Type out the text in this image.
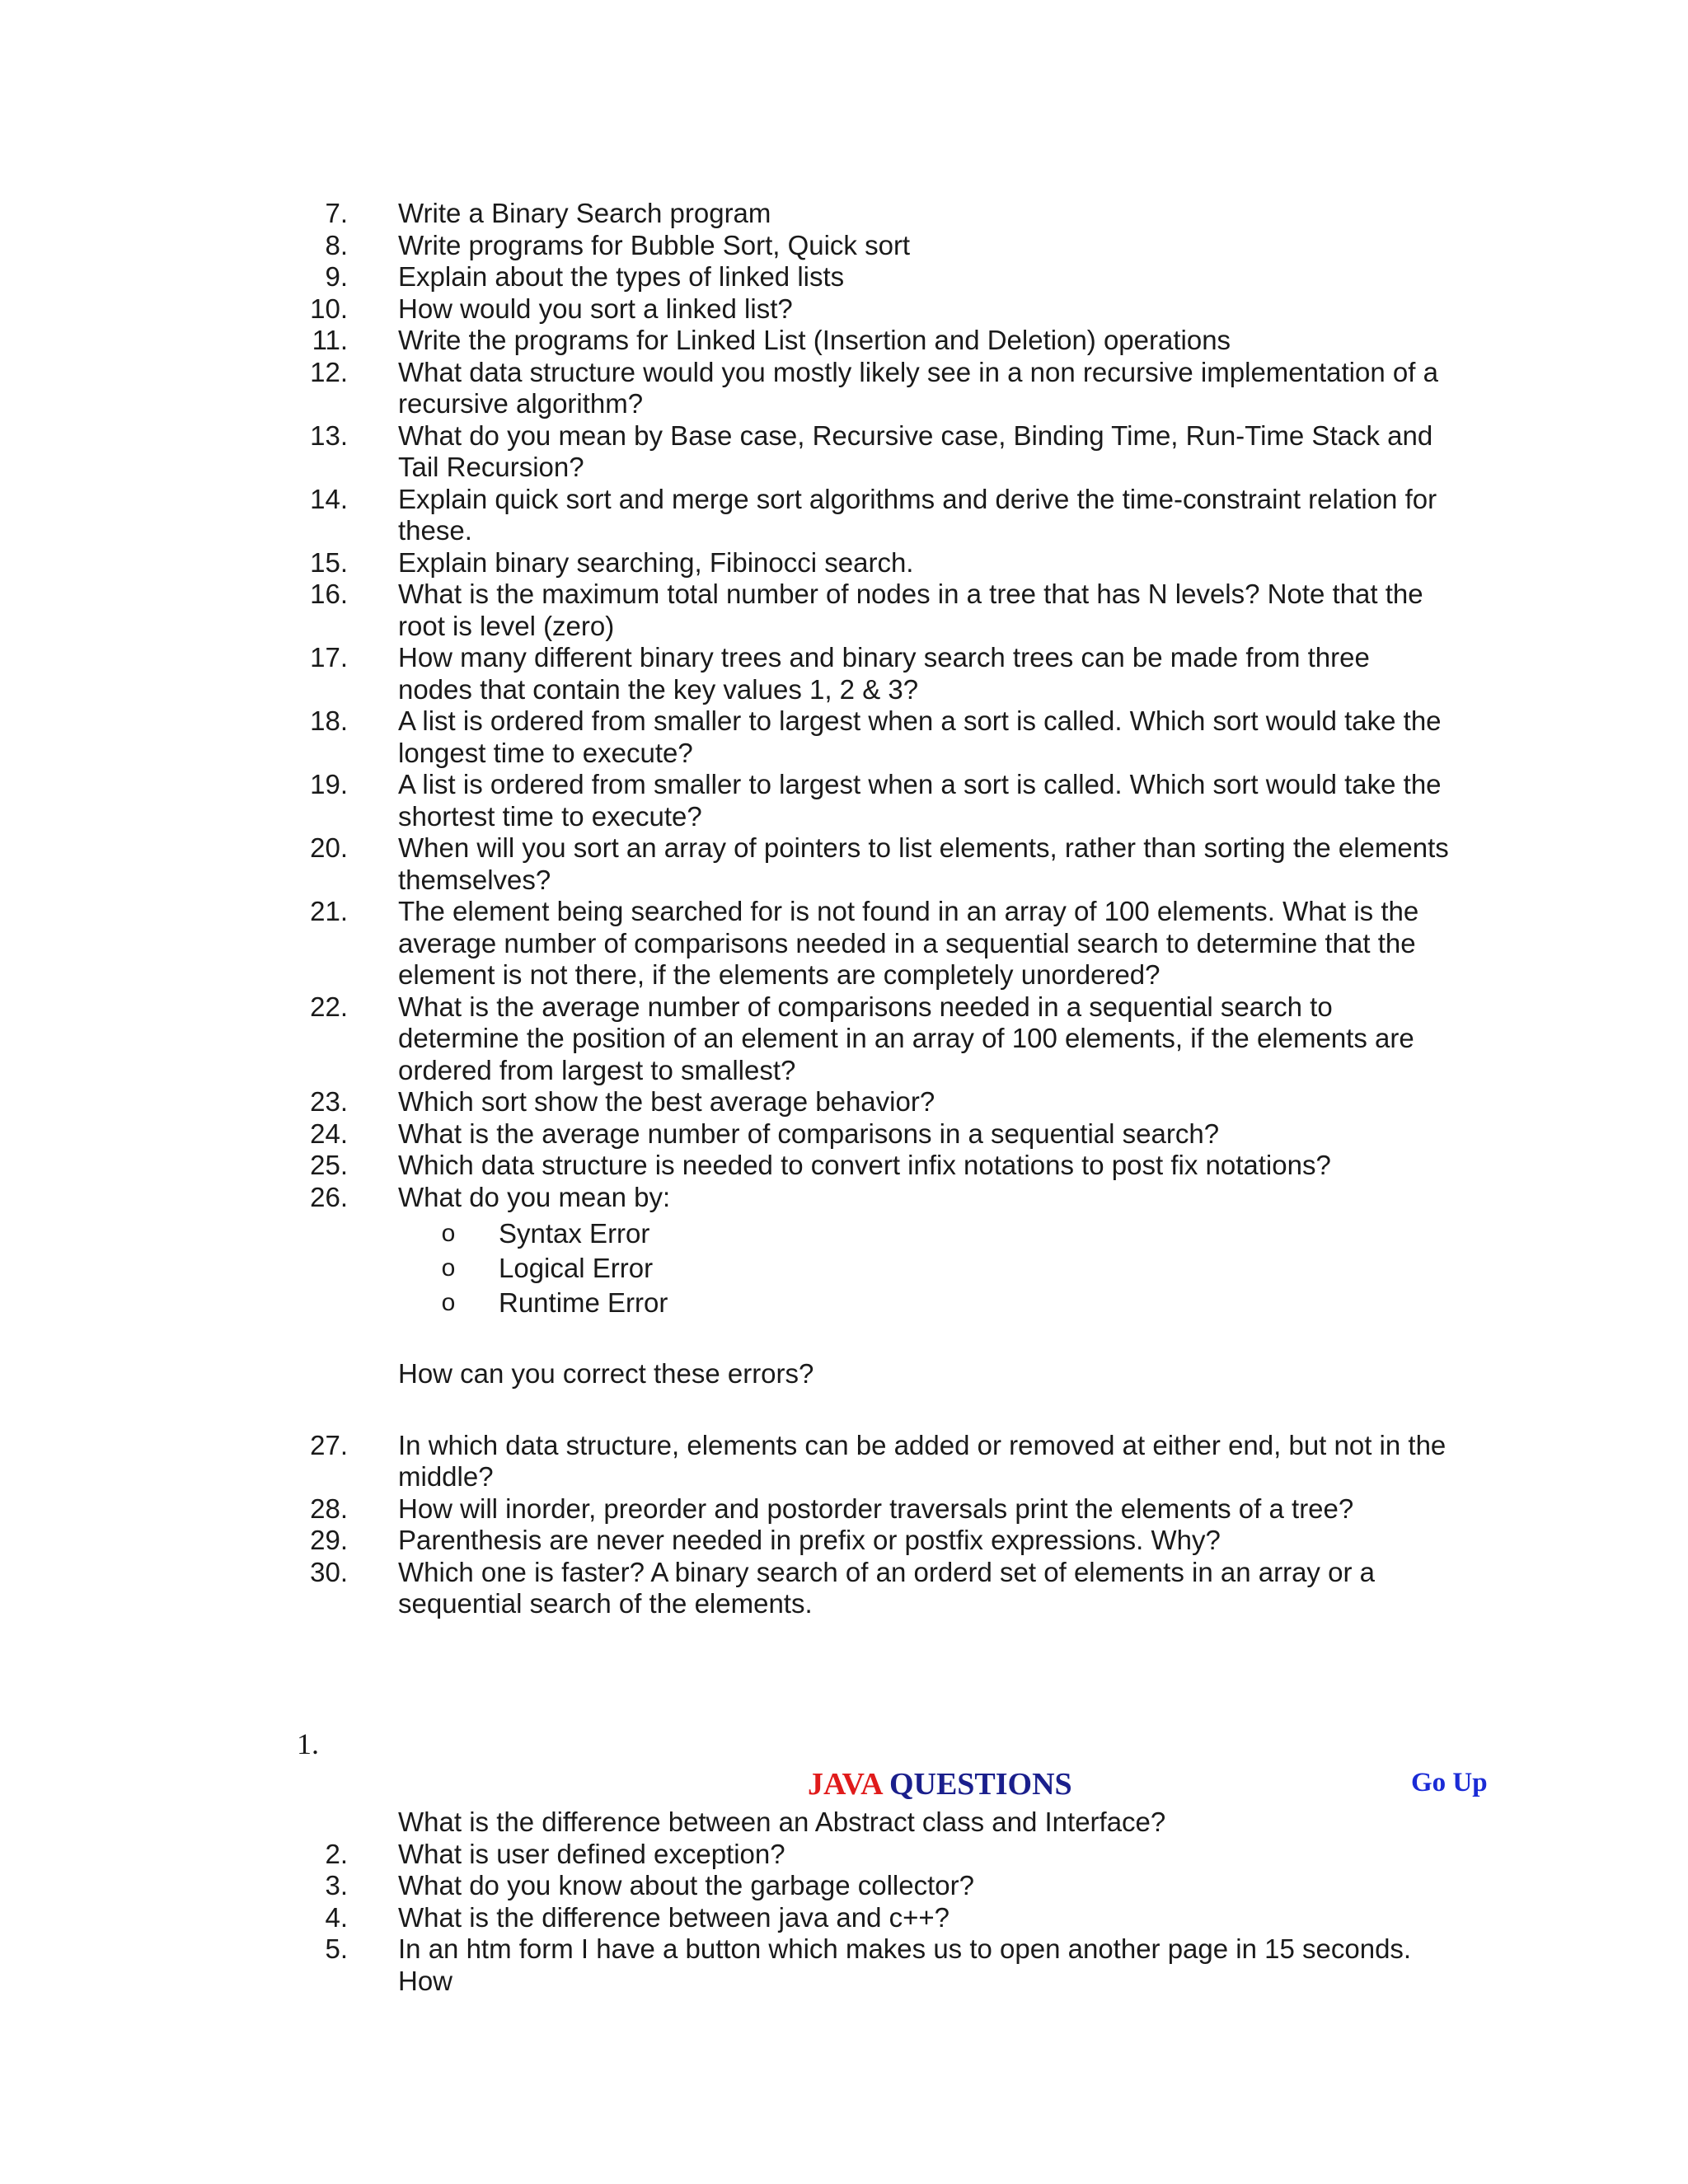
7. Write a Binary Search program
8. Write programs for Bubble Sort, Quick sort
9. Explain about the types of linked lists
10. How would you sort a linked list?
11. Write the programs for Linked List (Insertion and Deletion) operations
12. What data structure would you mostly likely see in a non recursive implementation of a recursive algorithm?
13. What do you mean by Base case, Recursive case, Binding Time, Run-Time Stack and Tail Recursion?
14. Explain quick sort and merge sort algorithms and derive the time-constraint relation for these.
15. Explain binary searching, Fibinocci search.
16. What is the maximum total number of nodes in a tree that has N levels? Note that the root is level (zero)
17. How many different binary trees and binary search trees can be made from three nodes that contain the key values 1, 2 & 3?
18. A list is ordered from smaller to largest when a sort is called. Which sort would take the longest time to execute?
19. A list is ordered from smaller to largest when a sort is called. Which sort would take the shortest time to execute?
20. When will you sort an array of pointers to list elements, rather than sorting the elements themselves?
21. The element being searched for is not found in an array of 100 elements. What is the average number of comparisons needed in a sequential search to determine that the element is not there, if the elements are completely unordered?
22. What is the average number of comparisons needed in a sequential search to determine the position of an element in an array of 100 elements, if the elements are ordered from largest to smallest?
23. Which sort show the best average behavior?
24. What is the average number of comparisons in a sequential search?
25. Which data structure is needed to convert infix notations to post fix notations?
26. What do you mean by:
o	Syntax Error
o	Logical Error
o	Runtime Error
How can you correct these errors?
27. In which data structure, elements can be added or removed at either end, but not in the middle?
28. How will inorder, preorder and postorder traversals print the elements of a tree?
29. Parenthesis are never needed in prefix or postfix expressions. Why?
30. Which one is faster? A binary search of an orderd set of elements in an array or a sequential search of the elements.
1.
JAVA QUESTIONS	Go Up
What is the difference between an Abstract class and Interface?
2. What is user defined exception?
3. What do you know about the garbage collector?
4. What is the difference between java and c++?
5. In an htm form I have a button which makes us to open another page in 15 seconds. How
